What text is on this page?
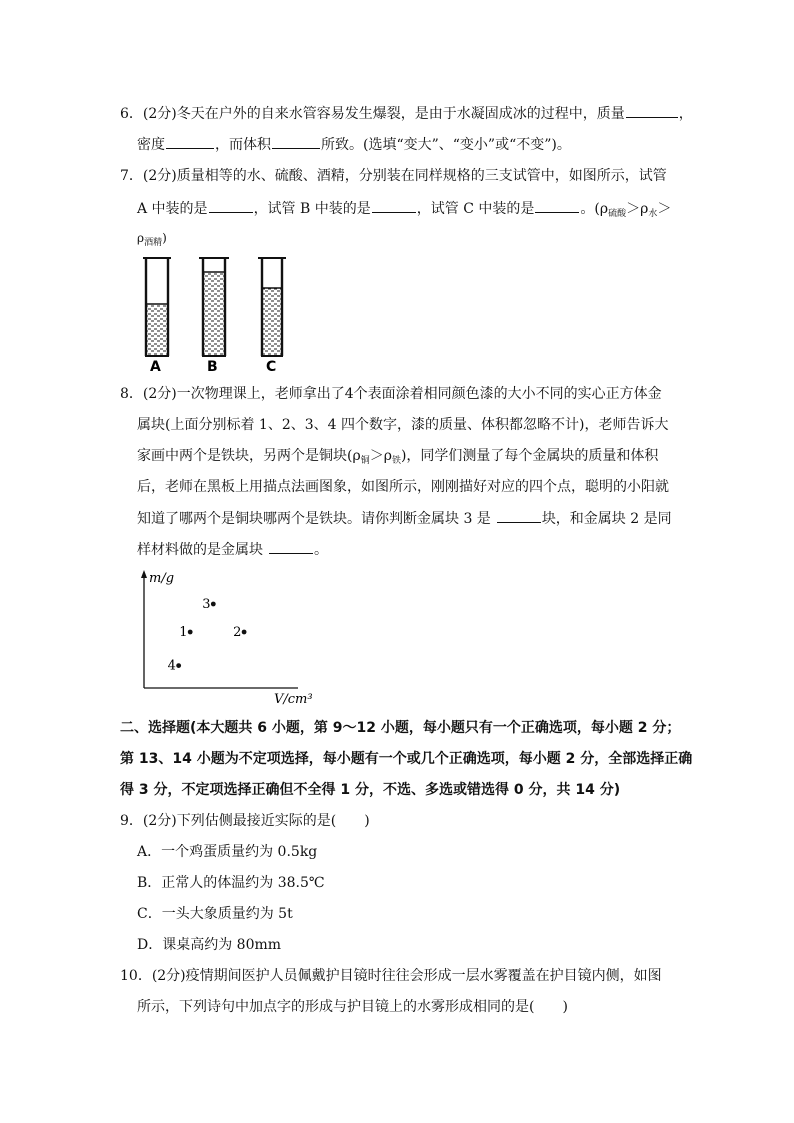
6．(2分)冬天在户外的自来水管容易发生爆裂，是由于水凝固成冰的过程中，质量	，
密度	，而体积	所致。(选填“变大”、“变小”或“不变”)。
7．(2分)质量相等的水、硫酸、酒精，分别装在同样规格的三支试管中，如图所示，试管
A 中装的是	，试管 B 中装的是	，试管 C 中装的是	。($\rho_{硫酸}>\rho_水>$
$\rho_{酒精}$)
A	B	C
8．(2分)一次物理课上，老师拿出了4个表面涂着相同颜色漆的大小不同的实心正方体金
属块(上面分别标着 1、2、3、4 四个数字，漆的质量、体积都忽略不计)，老师告诉大
家画中两个是铁块，另两个是铜块$(\rho_铜>\rho_铁)$，同学们测量了每个金属块的质量和体积
后，老师在黑板上用描点法画图象，如图所示，刚刚描好对应的四个点，聪明的小阳就
知道了哪两个是铜块哪两个是铁块。请你判断金属块 3 是	块，和金属块 2 是同
样材料做的是金属块	。
m/g
V/cm³
1	2
3
4
二、选择题(本大题共 6 小题，第 9～12 小题，每小题只有一个正确选项，每小题 2 分；
第 13、14 小题为不定项选择，每小题有一个或几个正确选项，每小题 2 分，全部选择正确
得 3 分，不定项选择正确但不全得 1 分，不选、多选或错选得 0 分，共 14 分)
9．(2分)下列估侧最接近实际的是(　　)
A．一个鸡蛋质量约为 0.5kg
B．正常人的体温约为 38.5℃
C．一头大象质量约为 5t
D．课桌高约为 80mm
10．(2分)疫情期间医护人员佩戴护目镜时往往会形成一层水雾覆盖在护目镜内侧，如图
所示，下列诗句中加点字的形成与护目镜上的水雾形成相同的是(　　)
